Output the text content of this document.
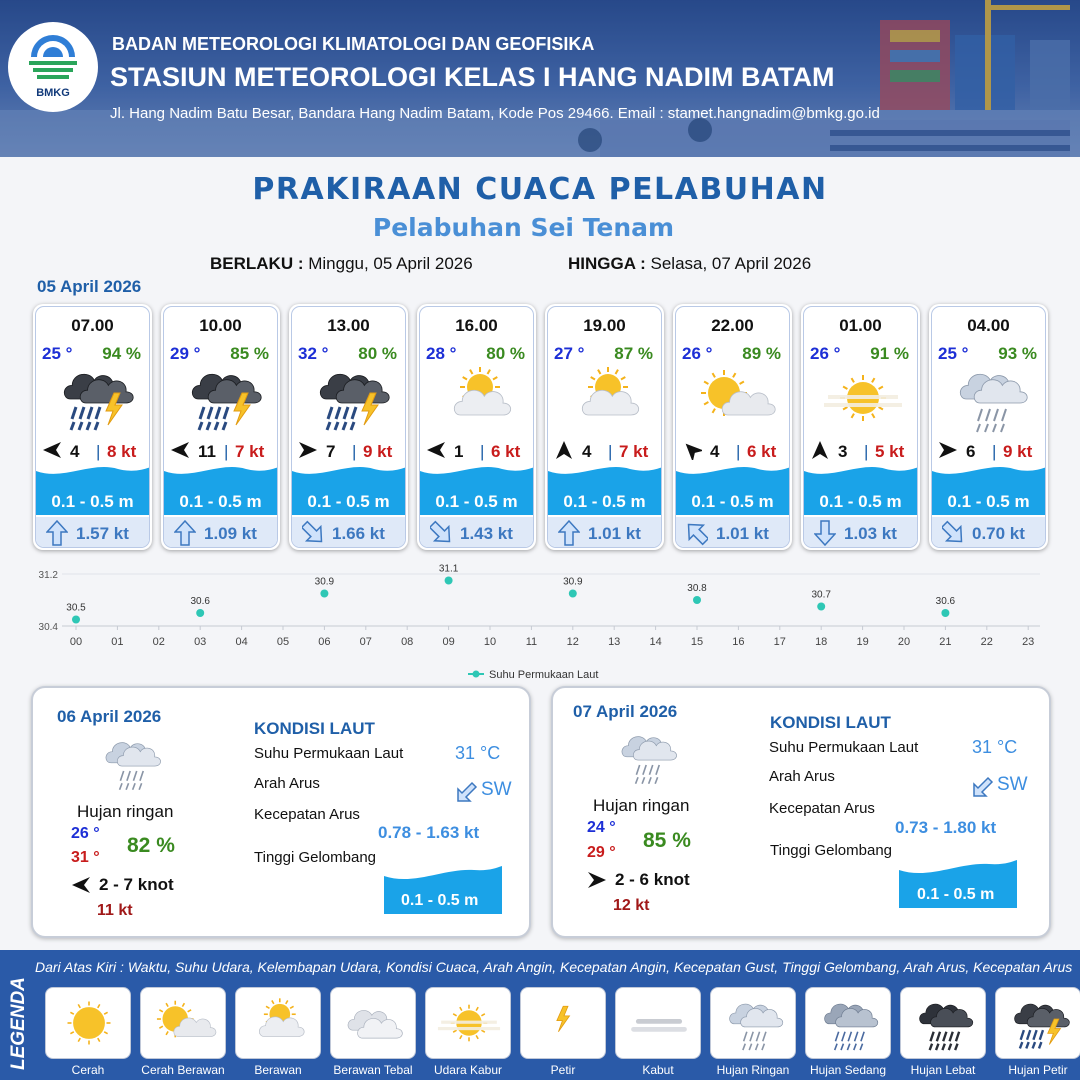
BMKG
BADAN METEOROLOGI KLIMATOLOGI DAN GEOFISIKA
STASIUN METEOROLOGI KELAS I HANG NADIM BATAM
Jl. Hang Nadim Batu Besar, Bandara Hang Nadim Batam, Kode Pos 29466. Email : stamet.hangnadim@bmkg.go.id
PRAKIRAAN CUACA PELABUHAN
Pelabuhan Sei Tenam
BERLAKU : Minggu, 05 April 2026	HINGGA : Selasa, 07 April 2026
05 April 2026
07.00
25 ° 94 %
4 | 8 kt
0.1 - 0.5 m
1.57 kt
10.00
29 ° 85 %
11 | 7 kt
0.1 - 0.5 m
1.09 kt
13.00
32 ° 80 %
7 | 9 kt
0.1 - 0.5 m
1.66 kt
16.00
28 ° 80 %
1 | 6 kt
0.1 - 0.5 m
1.43 kt
19.00
27 ° 87 %
4 | 7 kt
0.1 - 0.5 m
1.01 kt
22.00
26 ° 89 %
4 | 6 kt
0.1 - 0.5 m
1.01 kt
01.00
26 ° 91 %
3 | 5 kt
0.1 - 0.5 m
1.03 kt
04.00
25 ° 93 %
6 | 9 kt
0.1 - 0.5 m
0.70 kt
31.2
30.4
00	01	02	03	04	05	06	07	08	09	10	11	12	13	14	15	16	17	18	19	20	21	22	23
30.5
30.6
30.9
31.1
30.9
30.8
30.7
30.6
Suhu Permukaan Laut
06 April 2026
Hujan ringan
26 °
31 °
82 %
2 - 7 knot
11 kt
KONDISI LAUT
Suhu Permukaan Laut	31 °C
Arah Arus	SW
Kecepatan Arus
0.78 - 1.63 kt
Tinggi Gelombang
0.1 - 0.5 m
07 April 2026
Hujan ringan
24 °
29 °
85 %
2 - 6 knot
12 kt
KONDISI LAUT
Suhu Permukaan Laut	31 °C
Arah Arus	SW
Kecepatan Arus
0.73 - 1.80 kt
Tinggi Gelombang
0.1 - 0.5 m
LEGENDA
Dari Atas Kiri : Waktu, Suhu Udara, Kelembapan Udara, Kondisi Cuaca, Arah Angin, Kecepatan Angin, Kecepatan Gust, Tinggi Gelombang, Arah Arus, Kecepatan Arus
Cerah	Cerah Berawan	Berawan	Berawan Tebal	Udara Kabur	Petir	Kabut	Hujan Ringan	Hujan Sedang	Hujan Lebat	Hujan Petir
